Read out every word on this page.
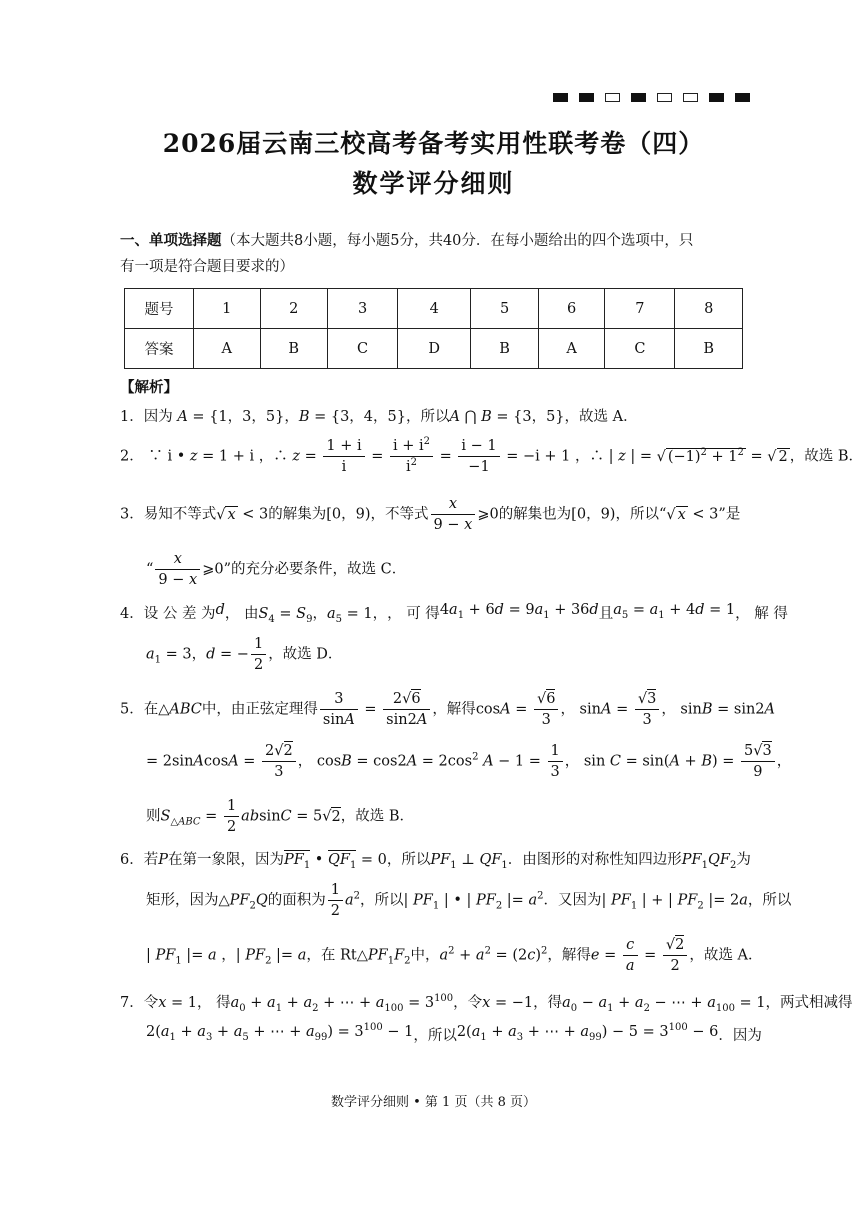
2026届云南三校高考备考实用性联考卷（四）
数学评分细则
一、单项选择题（本大题共8小题，每小题5分，共40分．在每小题给出的四个选项中，只
有一项是符合题目要求的）
题号	1	2	3	4	5	6	7	8
答案	A	B	C	D	B	A	C	B
【解析】
1．因为 A = {1，3，5}，B = {3，4，5}，所以A ⋂ B = {3，5}，故选 A．
2． ∵ i • z = 1 + i ，∴ $z = \frac{1 + i}{i} = \frac{i + i^2}{i^2} = \frac{i - 1}{-1} = -i + 1$ ，∴ | z | = √ $(-1)^2 + 1^2$ = √ 2 ，故选 B．
3．易知不等式√ x < 3的解集为[0，9)，不等式 $\frac{x}{9 - x}$ ⩾0的解集也为[0，9)，所以“√ x < 3”是
“ $\frac{x}{9 - x}$ ⩾0”的充分必要条件，故选 C．
4． 设 公 差 为 d ， 由 $S_4 = S_9$，$a_5 = 1$， ， 可 得 $4a_1 + 6d = 9a_1 + 36d$ 且 $a_5 = a_1 + 4d = 1$ ， 解 得
$a_1 = 3$，d = − $\frac{1}{2}$ ，故选 D．
5．在△ABC中，由正弦定理得 $\frac{3}{\sin A} = \frac{2√6}{\sin 2A}$ ，解得$\cos A = \frac{√6}{3}$ ， $\sin A = \frac{√3}{3}$ ， sinB = sin2A
= 2sinAcosA = $\frac{2√2}{3}$ ， $\cos B = \cos 2A = 2\cos^2$ $A - 1 = \frac{1}{3}$ ， $\sin C = \sin(A + B) = \frac{5√3}{9}$ ，
则$S_{\triangle ABC} = \frac{1}{2}$ absinC = 5√2，故选 B．
6．若P在第一象限，因为$PF_1$ • $QF_1 = 0$，所以$PF_1$ ⊥ $QF_1$．由图形的对称性知四边形$PF_1QF_2$为
矩形，因为$\triangle PF_2Q$的面积为 $\frac{1}{2} a^2$，所以| $PF_1$ | • | $PF_2$ |= $a^2$．又因为| $PF_1$ | + | $PF_2$ |= 2a，所以
| $PF_1$ |= a ，| $PF_2$ |= a，在 $Rt\triangle PF_1F_2$中，$a^2 + a^2 = (2c)^2$，解得$e = \frac{c}{a} = \frac{√2}{2}$ ，故选 A．
7．令x = 1， 得$a_0 + a_1 + a_2$ + ⋯ + $a_{100} = 3^{100}$，令x = −1，得$a_0 - a_1 + a_2$ − ⋯ + $a_{100} = 1$，两式相减得
$2(a_1 + a_3 + a_5$ + ⋯ + $a_{99}) = 3^{100} - 1$ ， 所 以 $2(a_1 + a_3$ + ⋯ + $a_{99}) - 5 = 3^{100} - 6$ ． 因 为
数学评分细则 • 第 1 页（共 8 页）
